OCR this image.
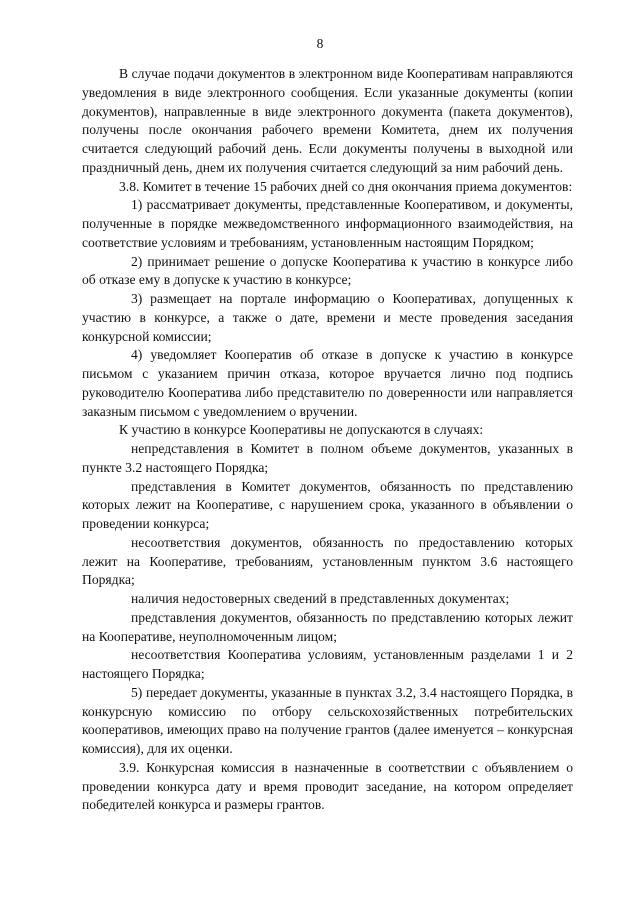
8

В случае подачи документов в электронном виде Кооперативам направляются уведомления в виде электронного сообщения. Если указанные документы (копии документов), направленные в виде электронного документа (пакета документов), получены после окончания рабочего времени Комитета, днем их получения считается следующий рабочий день. Если документы получены в выходной или праздничный день, днем их получения считается следующий за ним рабочий день.

3.8. Комитет в течение 15 рабочих дней со дня окончания приема документов:

1) рассматривает документы, представленные Кооперативом, и документы, полученные в порядке межведомственного информационного взаимодействия, на соответствие условиям и требованиям, установленным настоящим Порядком;

2) принимает решение о допуске Кооператива к участию в конкурсе либо об отказе ему в допуске к участию в конкурсе;

3) размещает на портале информацию о Кооперативах, допущенных к участию в конкурсе, а также о дате, времени и месте проведения заседания конкурсной комиссии;

4) уведомляет Кооператив об отказе в допуске к участию в конкурсе письмом с указанием причин отказа, которое вручается лично под подпись руководителю Кооператива либо представителю по доверенности или направляется заказным письмом с уведомлением о вручении.

К участию в конкурсе Кооперативы не допускаются в случаях:

непредставления в Комитет в полном объеме документов, указанных в пункте 3.2 настоящего Порядка;

представления в Комитет документов, обязанность по представлению которых лежит на Кооперативе, с нарушением срока, указанного в объявлении о проведении конкурса;

несоответствия документов, обязанность по предоставлению которых лежит на Кооперативе, требованиям, установленным пунктом 3.6 настоящего Порядка;

наличия недостоверных сведений в представленных документах;

представления документов, обязанность по представлению которых лежит на Кооперативе, неуполномоченным лицом;

несоответствия Кооператива условиям, установленным разделами 1 и 2 настоящего Порядка;

5) передает документы, указанные в пунктах 3.2, 3.4 настоящего Порядка, в конкурсную комиссию по отбору сельскохозяйственных потребительских кооперативов, имеющих право на получение грантов (далее именуется – конкурсная комиссия), для их оценки.

3.9. Конкурсная комиссия в назначенные в соответствии с объявлением о проведении конкурса дату и время проводит заседание, на котором определяет победителей конкурса и размеры грантов.
